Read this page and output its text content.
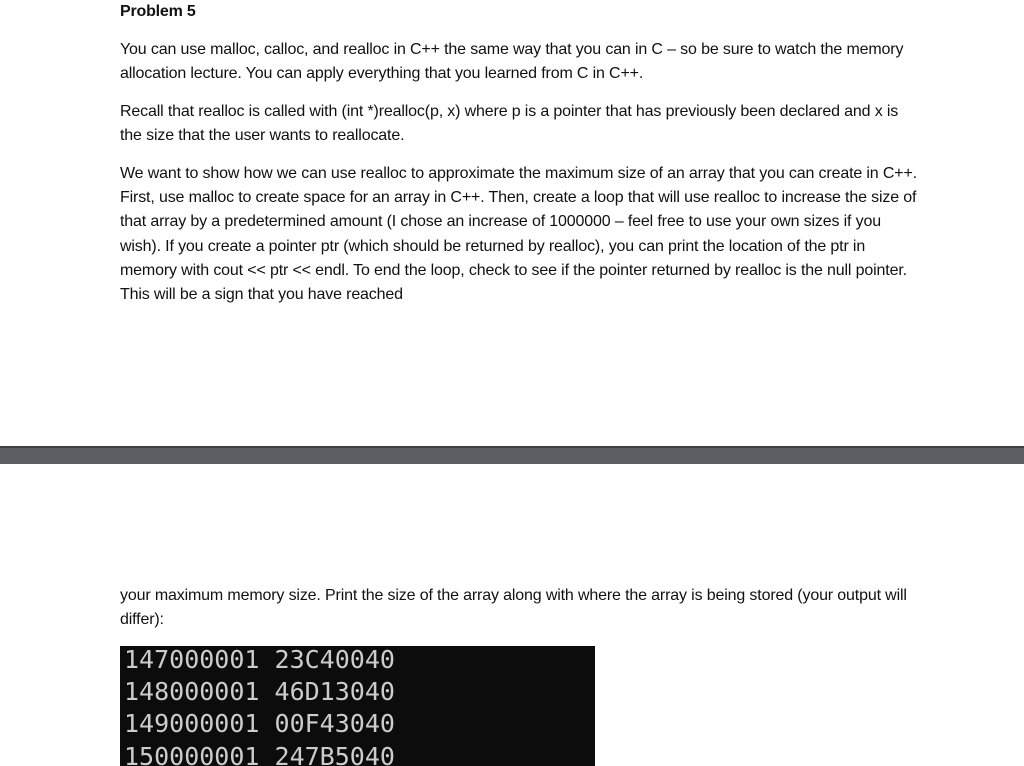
Problem 5

You can use malloc, calloc, and realloc in C++ the same way that you can in C – so be sure to watch the memory allocation lecture. You can apply everything that you learned from C in C++.

Recall that realloc is called with (int *)realloc(p, x) where p is a pointer that has previously been declared and x is the size that the user wants to reallocate.

We want to show how we can use realloc to approximate the maximum size of an array that you can create in C++. First, use malloc to create space for an array in C++. Then, create a loop that will use realloc to increase the size of that array by a predetermined amount (I chose an increase of 1000000 – feel free to use your own sizes if you wish). If you create a pointer ptr (which should be returned by realloc), you can print the location of the ptr in memory with cout << ptr << endl. To end the loop, check to see if the pointer returned by realloc is the null pointer. This will be a sign that you have reached

your maximum memory size. Print the size of the array along with where the array is being stored (your output will differ):

147000001 23C40040
148000001 46D13040
149000001 00F43040
150000001 247B5040
